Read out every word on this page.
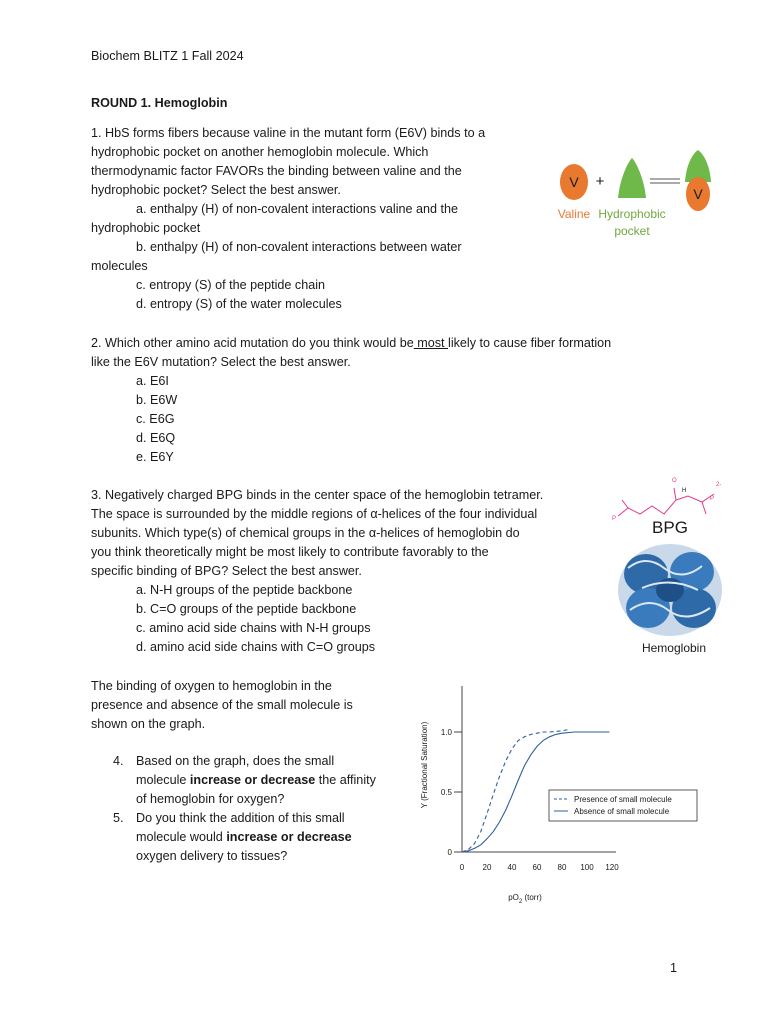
Biochem BLITZ 1 Fall 2024
ROUND 1. Hemoglobin
1. HbS forms fibers because valine in the mutant form (E6V) binds to a
hydrophobic pocket on another hemoglobin molecule. Which
thermodynamic factor FAVORs the binding between valine and the
hydrophobic pocket? Select the best answer.
a. enthalpy (H) of non-covalent interactions valine and the
hydrophobic pocket
b. enthalpy (H) of non-covalent interactions between water
molecules
c. entropy (S) of the peptide chain
d. entropy (S) of the water molecules
V +
V
Valine Hydrophobic
pocket
2. Which other amino acid mutation do you think would be most likely to cause fiber formation
like the E6V mutation? Select the best answer.
a. E6I
b. E6W
c. E6G
d. E6Q
e. E6Y
3. Negatively charged BPG binds in the center space of the hemoglobin tetramer.
The space is surrounded by the middle regions of α-helices of the four individual
subunits. Which type(s) of chemical groups in the α-helices of hemoglobin do
you think theoretically might be most likely to contribute favorably to the
specific binding of BPG? Select the best answer.
a. N-H groups of the peptide backbone
b. C=O groups of the peptide backbone
c. amino acid side chains with N-H groups
d. amino acid side chains with C=O groups
O
H
2-
P
P
BPG
Hemoglobin
The binding of oxygen to hemoglobin in the
presence and absence of the small molecule is
shown on the graph.
4. Based on the graph, does the small
molecule increase or decrease the affinity
of hemoglobin for oxygen?
5. Do you think the addition of this small
molecule would increase or decrease
oxygen delivery to tissues?	0
0.5
1.0
0 20 40 60 80 100 120
Y (Fractional Saturation)
$pO_2$ (torr)
Presence of small molecule
Absence of small molecule
1
